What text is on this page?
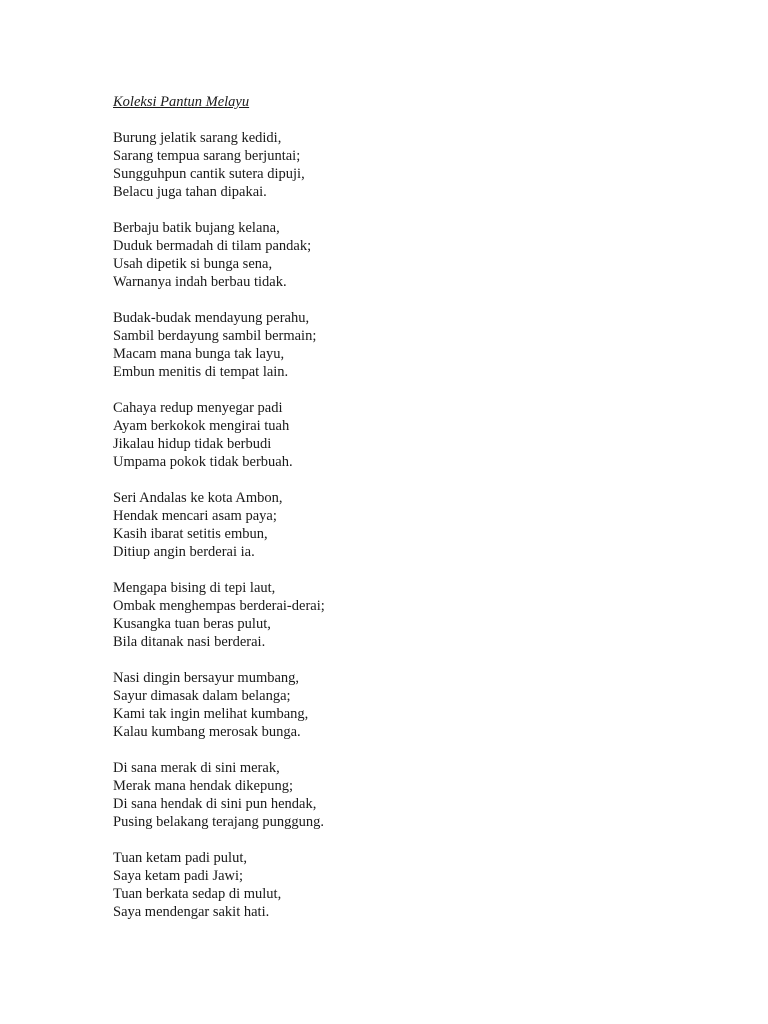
Koleksi Pantun Melayu
Burung jelatik sarang kedidi,
Sarang tempua sarang berjuntai;
Sungguhpun cantik sutera dipuji,
Belacu juga tahan dipakai.
Berbaju batik bujang kelana,
Duduk bermadah di tilam pandak;
Usah dipetik si bunga sena,
Warnanya indah berbau tidak.
Budak-budak mendayung perahu,
Sambil berdayung sambil bermain;
Macam mana bunga tak layu,
Embun menitis di tempat lain.
Cahaya redup menyegar padi
Ayam berkokok mengirai tuah
Jikalau hidup tidak berbudi
Umpama pokok tidak berbuah.
Seri Andalas ke kota Ambon,
Hendak mencari asam paya;
Kasih ibarat setitis embun,
Ditiup angin berderai ia.
Mengapa bising di tepi laut,
Ombak menghempas berderai-derai;
Kusangka tuan beras pulut,
Bila ditanak nasi berderai.
Nasi dingin bersayur mumbang,
Sayur dimasak dalam belanga;
Kami tak ingin melihat kumbang,
Kalau kumbang merosak bunga.
Di sana merak di sini merak,
Merak mana hendak dikepung;
Di sana hendak di sini pun hendak,
Pusing belakang terajang punggung.
Tuan ketam padi pulut,
Saya ketam padi Jawi;
Tuan berkata sedap di mulut,
Saya mendengar sakit hati.
